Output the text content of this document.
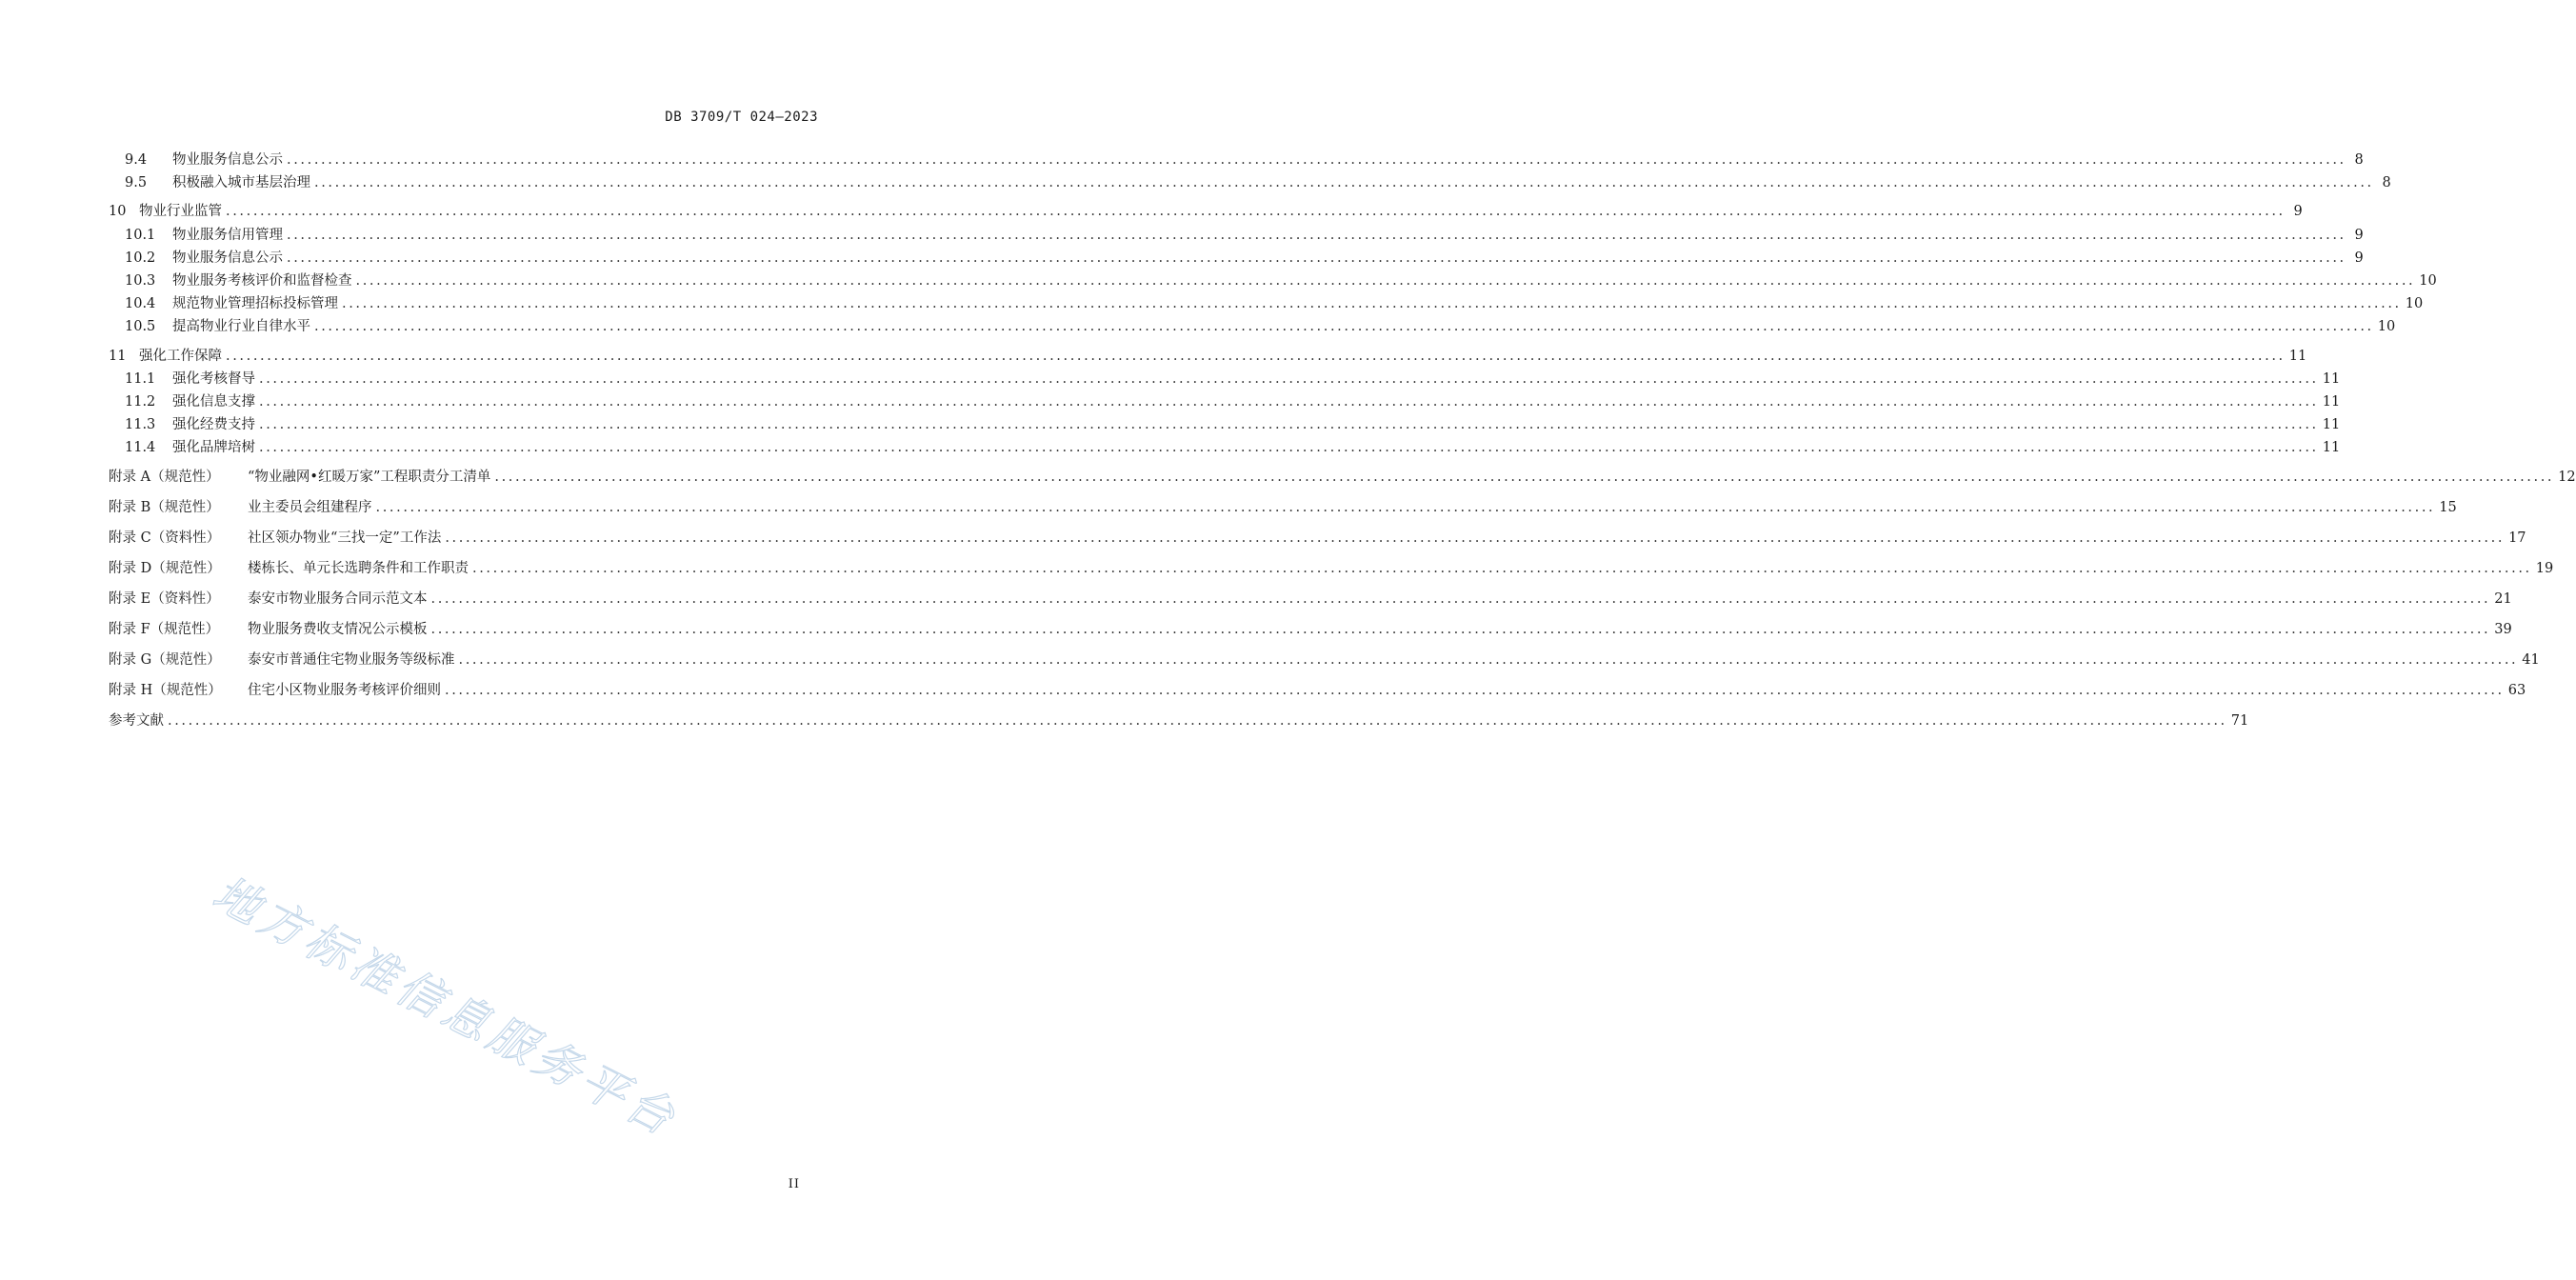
DB 3709/T 024—2023
9.4	物业服务信息公示 ............................................................................................................................................................................................................................................................................................................ 8
9.5	积极融入城市基层治理 ............................................................................................................................................................................................................................................................................................................ 8
10 物业行业监管 ............................................................................................................................................................................................................................................................................................................ 9
10.1	物业服务信用管理 ............................................................................................................................................................................................................................................................................................................ 9
10.2	物业服务信息公示 ............................................................................................................................................................................................................................................................................................................ 9
10.3	物业服务考核评价和监督检查 ............................................................................................................................................................................................................................................................................................................ 10
10.4	规范物业管理招标投标管理 ............................................................................................................................................................................................................................................................................................................ 10
10.5	提高物业行业自律水平 ............................................................................................................................................................................................................................................................................................................ 10
11 强化工作保障 ............................................................................................................................................................................................................................................................................................................ 11
11.1	强化考核督导 ............................................................................................................................................................................................................................................................................................................ 11
11.2	强化信息支撑 ............................................................................................................................................................................................................................................................................................................ 11
11.3	强化经费支持 ............................................................................................................................................................................................................................................................................................................ 11
11.4	强化品牌培树 ............................................................................................................................................................................................................................................................................................................ 11
附录 A（规范性）	“物业融网•红暖万家”工程职责分工清单 ............................................................................................................................................................................................................................................................................................................ 12
附录 B（规范性）	业主委员会组建程序 ............................................................................................................................................................................................................................................................................................................ 15
附录 C（资料性）	社区领办物业“三找一定”工作法 ............................................................................................................................................................................................................................................................................................................ 17
附录 D（规范性）	楼栋长、单元长选聘条件和工作职责 ............................................................................................................................................................................................................................................................................................................ 19
附录 E（资料性）	泰安市物业服务合同示范文本 ............................................................................................................................................................................................................................................................................................................ 21
附录 F（规范性）	物业服务费收支情况公示模板 ............................................................................................................................................................................................................................................................................................................ 39
附录 G（规范性）	泰安市普通住宅物业服务等级标准 ............................................................................................................................................................................................................................................................................................................ 41
附录 H（规范性）	住宅小区物业服务考核评价细则 ............................................................................................................................................................................................................................................................................................................ 63
参考文献 ............................................................................................................................................................................................................................................................................................................ 71
地方标准信息服务平台
II
